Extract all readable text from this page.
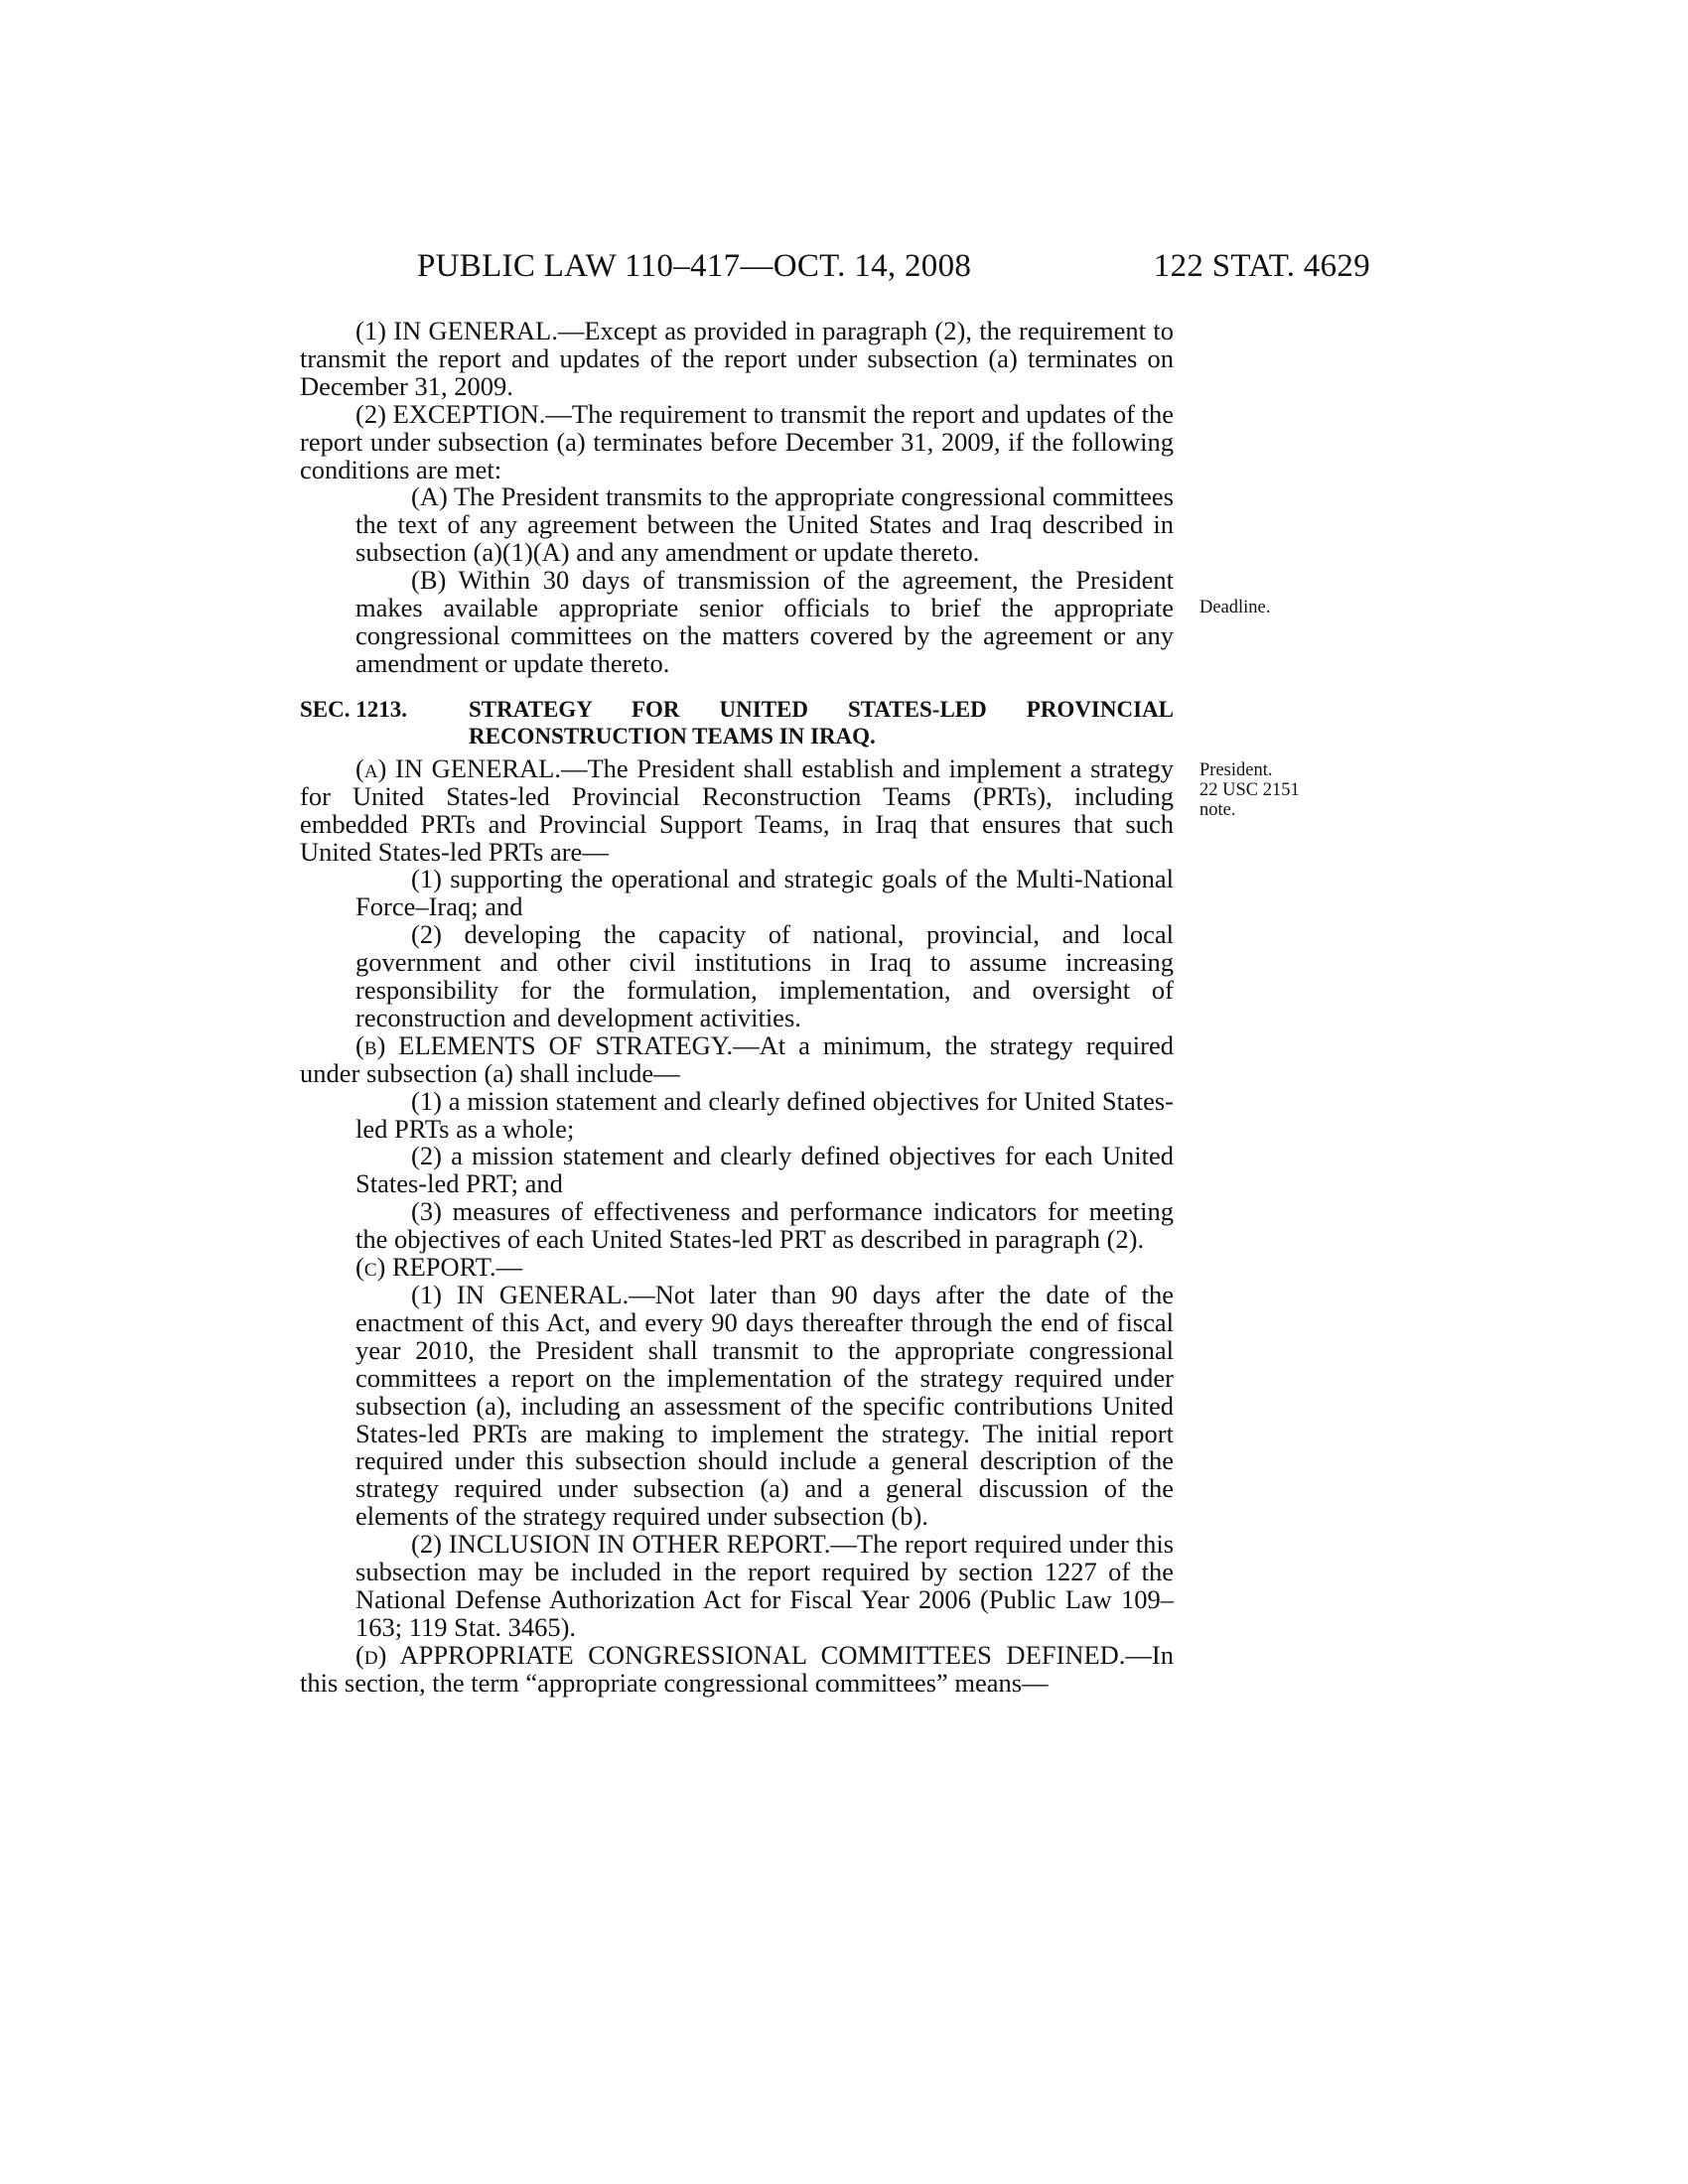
PUBLIC LAW 110–417—OCT. 14, 2008	122 STAT. 4629
Deadline.
President.
22 USC 2151
note.

(1) IN GENERAL.—Except as provided in paragraph (2), the requirement to transmit the report and updates of the report under subsection (a) terminates on December 31, 2009.

(2) EXCEPTION.—The requirement to transmit the report and updates of the report under subsection (a) terminates before December 31, 2009, if the following conditions are met:

(A) The President transmits to the appropriate congressional committees the text of any agreement between the United States and Iraq described in subsection (a)(1)(A) and any amendment or update thereto.

(B) Within 30 days of transmission of the agreement, the President makes available appropriate senior officials to brief the appropriate congressional committees on the matters covered by the agreement or any amendment or update thereto.

SEC. 1213.	STRATEGY FOR UNITED STATES-LED PROVINCIAL RECONSTRUCTION TEAMS IN IRAQ.

(a) IN GENERAL.—The President shall establish and implement a strategy for United States-led Provincial Reconstruction Teams (PRTs), including embedded PRTs and Provincial Support Teams, in Iraq that ensures that such United States-led PRTs are—

(1) supporting the operational and strategic goals of the Multi-National Force–Iraq; and

(2) developing the capacity of national, provincial, and local government and other civil institutions in Iraq to assume increasing responsibility for the formulation, implementation, and oversight of reconstruction and development activities.

(b) ELEMENTS OF STRATEGY.—At a minimum, the strategy required under subsection (a) shall include—

(1) a mission statement and clearly defined objectives for United States-led PRTs as a whole;

(2) a mission statement and clearly defined objectives for each United States-led PRT; and

(3) measures of effectiveness and performance indicators for meeting the objectives of each United States-led PRT as described in paragraph (2).

(c) REPORT.—

(1) IN GENERAL.—Not later than 90 days after the date of the enactment of this Act, and every 90 days thereafter through the end of fiscal year 2010, the President shall transmit to the appropriate congressional committees a report on the implementation of the strategy required under subsection (a), including an assessment of the specific contributions United States-led PRTs are making to implement the strategy. The initial report required under this subsection should include a general description of the strategy required under subsection (a) and a general discussion of the elements of the strategy required under subsection (b).

(2) INCLUSION IN OTHER REPORT.—The report required under this subsection may be included in the report required by section 1227 of the National Defense Authorization Act for Fiscal Year 2006 (Public Law 109–163; 119 Stat. 3465).

(d) APPROPRIATE CONGRESSIONAL COMMITTEES DEFINED.—In this section, the term “appropriate congressional committees” means—
